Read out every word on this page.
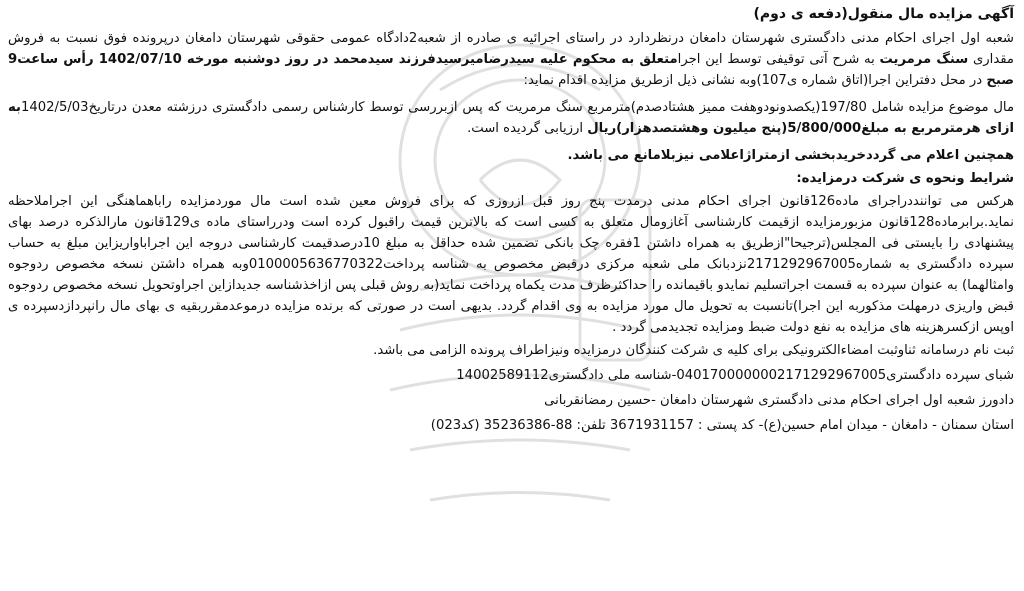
آگهی مزایده مال منقول(دفعه ی دوم)

شعبه اول اجرای احکام مدنی دادگستری شهرستان دامغان درنظردارد در راستای اجرائیه ی صادره از شعبه2دادگاه عمومی حقوقی شهرستان دامغان درپرونده فوق نسبت به فروش مقداری سنگ مرمریت به شرح آتی توقیفی توسط این اجرامتعلق به محکوم علیه سیدرضامیرسیدفرزند سیدمحمد در روز دوشنبه مورخه 1402/07/10 رأس ساعت9 صبح در محل دفتراین اجرا(اتاق شماره ی107)وبه نشانی ذیل ازطریق مزایده اقدام نماید:

مال موضوع مزایده شامل 197/80(یکصدونودوهفت ممیز هشتادصدم)مترمربع سنگ مرمریت که پس ازبررسی توسط کارشناس رسمی دادگستری درزشته معدن درتاریخ1402/5/03به ازای هرمترمربع به مبلغ5/800/000(پنج میلیون وهشتصدهزار)ریال ارزیابی گردیده است.

همچنین اعلام می گرددخریدبخشی ازمتراژاعلامی نیزبلامانع می باشد.

شرایط ونحوه ی شرکت درمزایده:

هرکس می تواننددراجرای ماده126قانون اجرای احکام مدنی درمدت پنج روز قبل ازروزی که برای فروش معین شده است مال موردمزایده راباهماهنگی این اجراملاحظه نماید.برابرماده128قانون مزبورمزایده ازقیمت کارشناسی آغازومال متعلق به کسی است که بالاترین قیمت راقبول کرده است ودرراستای ماده ی129قانون مارالذکره درصد بهای پیشنهادی را بایستی فی المجلس(ترجیحا"ازطریق به همراه داشتن 1فقره چک بانکی تضمین شده حداقل به مبلغ 10درصدقیمت کارشناسی دروجه این اجراباواریزاین مبلغ به حساب سپرده دادگستری به شماره2171292967005نزدبانک ملی شعبه مرکزی درقبض مخصوص به شناسه پرداخت0100005636770322وبه همراه داشتن نسخه مخصوص ردوجوه وامثالهما) به عنوان سپرده به قسمت اجراتسلیم نمایدو باقیمانده را حداکثرظرف مدت یکماه پرداخت نماید(به روش قبلی پس ازاخذشناسه جدیدازاین اجراوتحویل نسخه مخصوص ردوجوه قبض واریزی درمهلت مذکوربه این اجرا)تانسبت به تحویل مال مورد مزایده به وی اقدام گردد. بدیهی است در صورتی که برنده مزایده درموعدمقرربقیه ی بهای مال رانپردازدسپرده ی اوپس ازکسرهزینه های مزایده به نفع دولت ضبط ومزایده تجدیدمی گردد .

ثبت نام درسامانه ثناوثبت امضاءالکترونیکی برای کلیه ی شرکت کنندگان درمزایده ونیزاطراف پرونده الزامی می باشد.

شبای سپرده دادگستری0401700000002171292967005-شناسه ملی دادگستری14002589112

دادورز شعبه اول اجرای احکام مدنی دادگستری شهرستان دامغان -حسین رمضانقربانی

استان سمنان - دامغان - میدان امام حسین(ع)- کد پستی : 3671931157 تلفن: 88-35236386 (کد023)
